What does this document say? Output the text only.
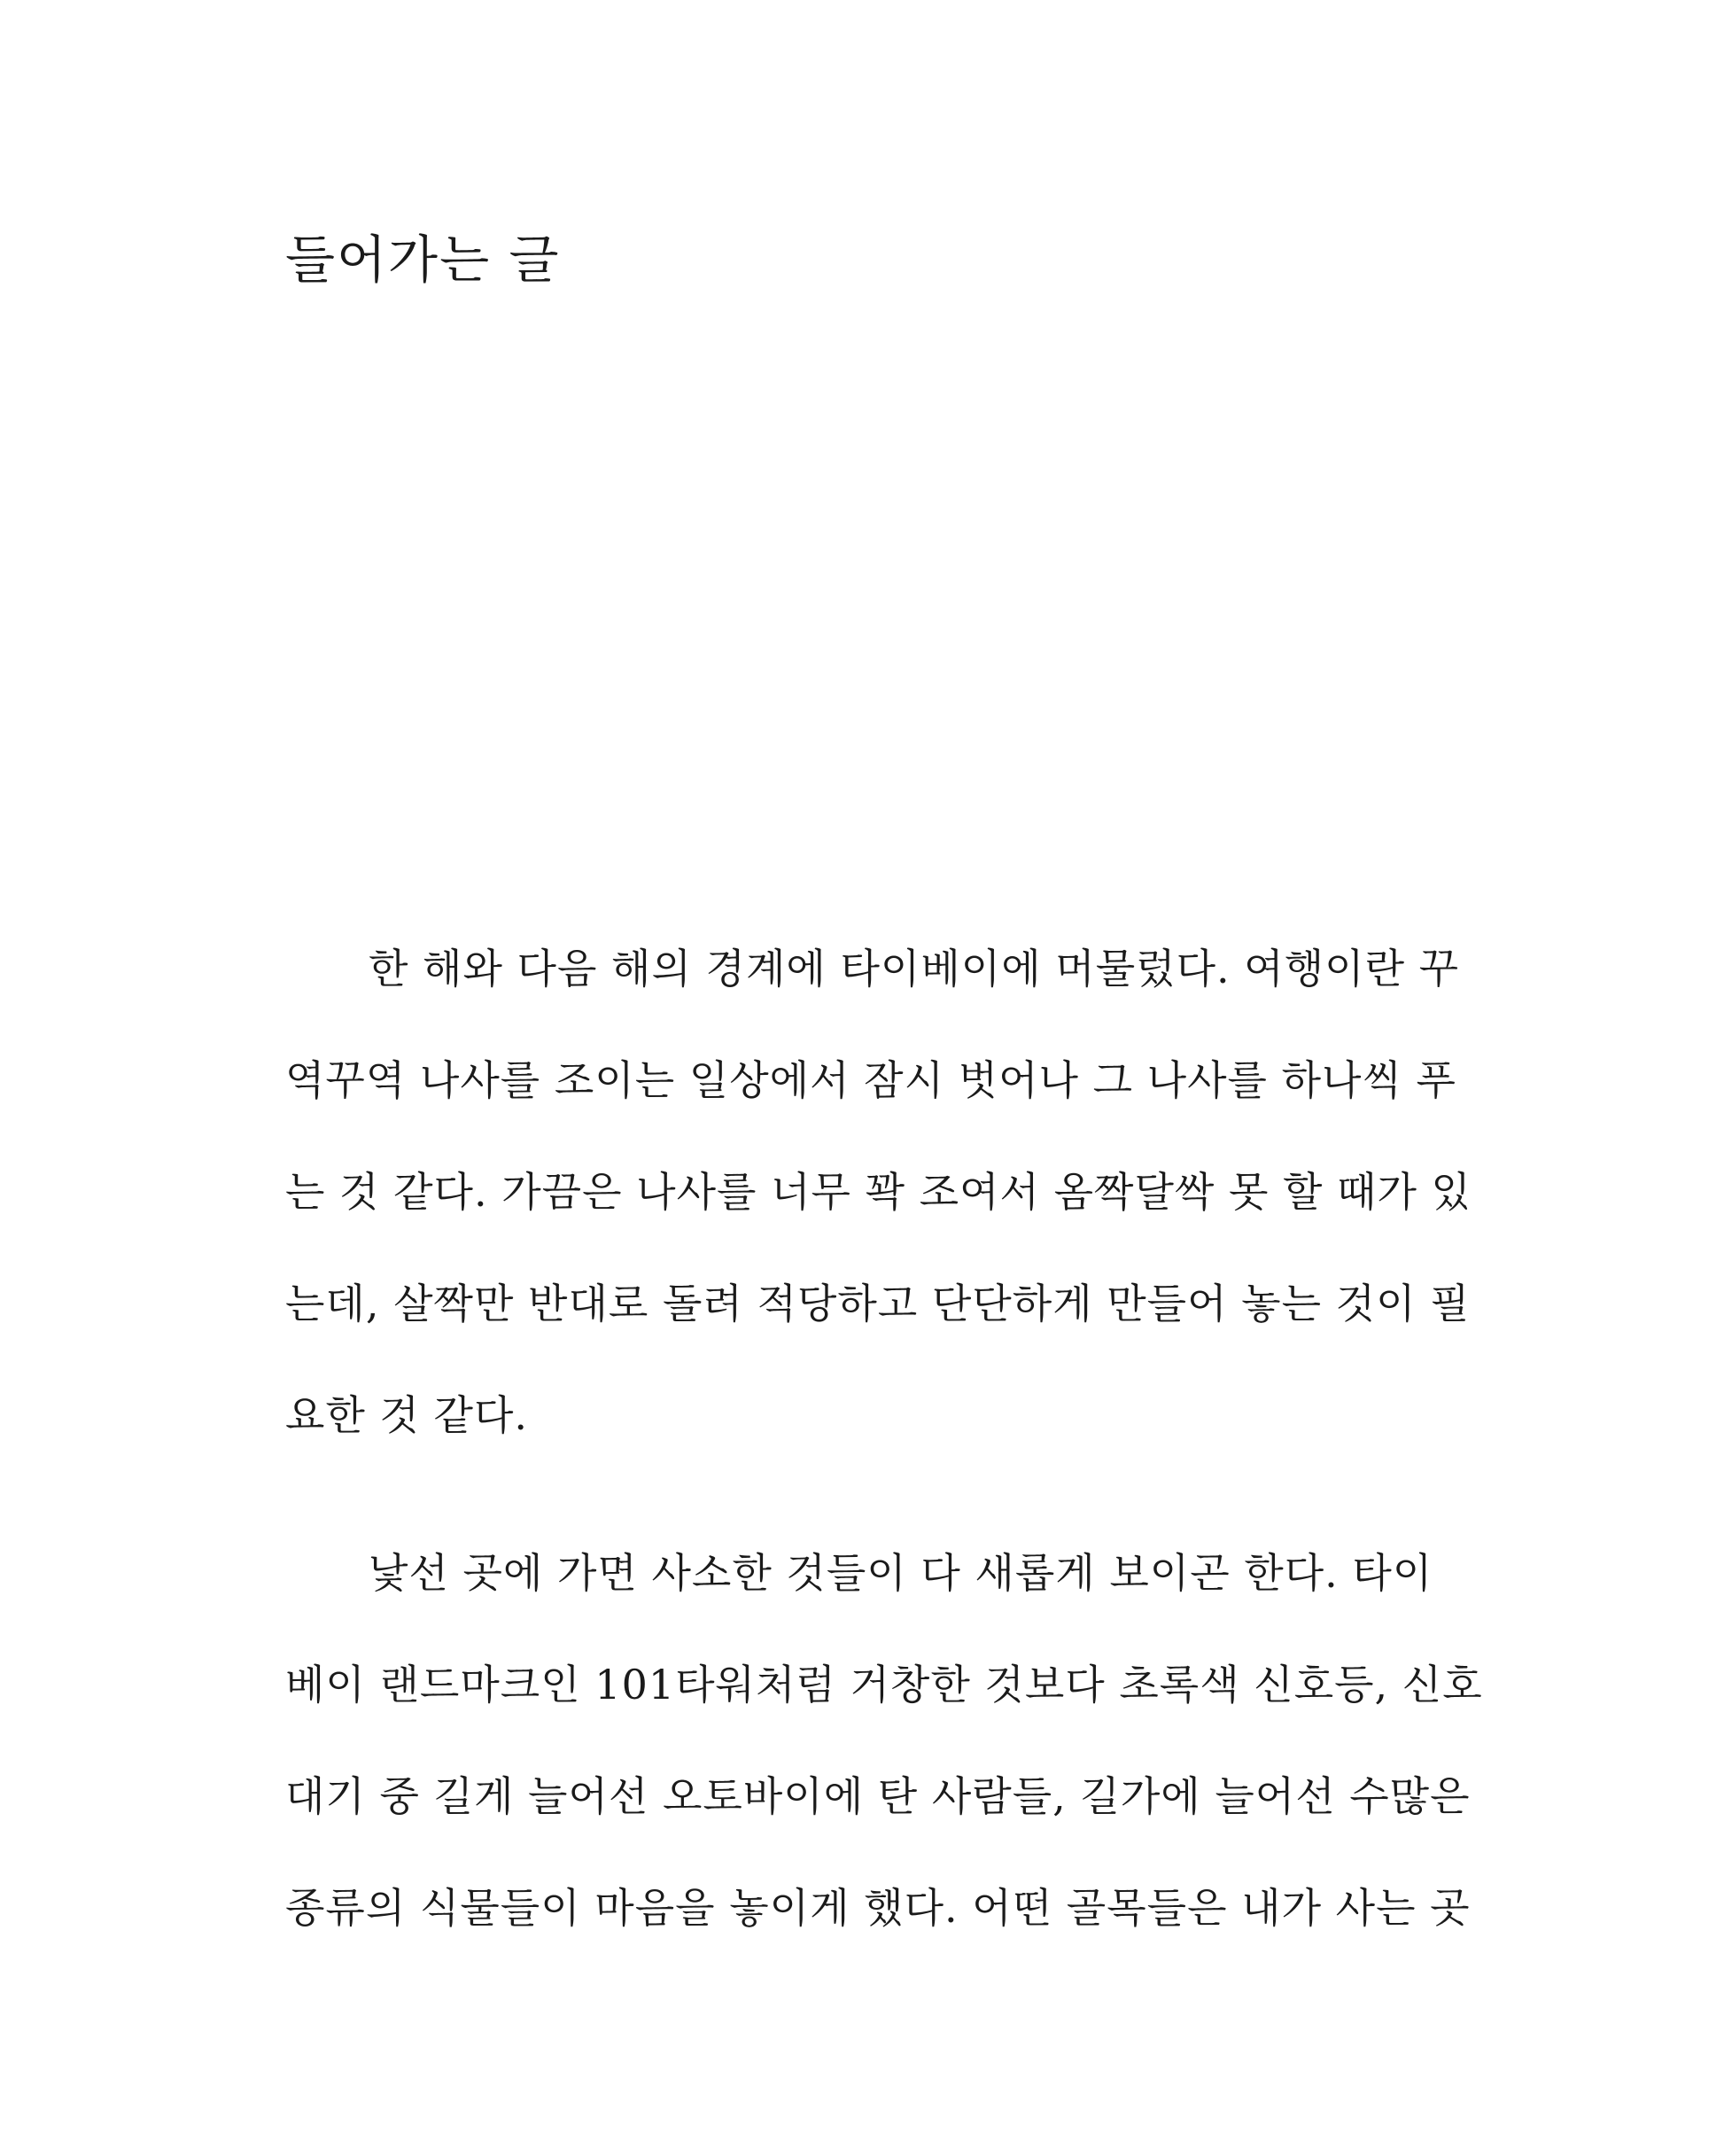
들어가는 글
한 해와 다음 해의 경계에 타이베이에 머물렀다. 여행이란 꾸
역꾸역 나사를 조이는 일상에서 잠시 벗어나 그 나사를 하나씩 푸
는 것 같다. 가끔은 나사를 너무 꽉 조여서 옴짝달싹 못 할 때가 있
는데, 살짝만 반대로 돌려 적당하고 단단하게 만들어 놓는 것이 필
요한 것 같다.
낯선 곳에 가면 사소한 것들이 다 새롭게 보이곤 한다. 타이
베이 랜드마크인 101타워처럼 거창한 것보다 초록색 신호등, 신호
대기 중 길게 늘어선 오토바이에 탄 사람들, 길가에 늘어선 수많은
종류의 식물들이 마음을 놓이게 했다. 어떤 골목들은 내가 사는 곳
